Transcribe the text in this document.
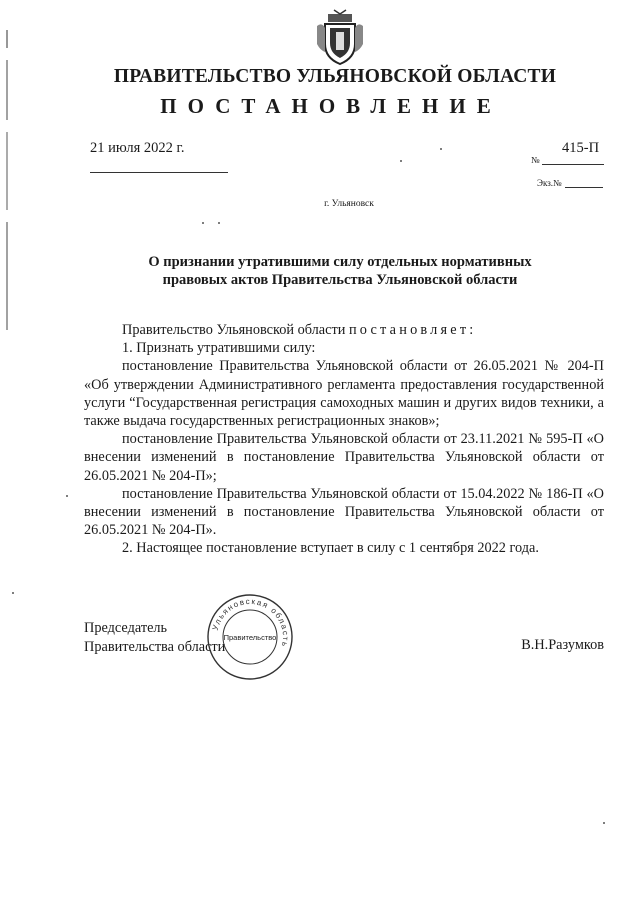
ПРАВИТЕЛЬСТВО УЛЬЯНОВСКОЙ ОБЛАСТИ
ПОСТАНОВЛЕНИЕ
21 июля 2022 г.	415-П
№
Экз.№
г. Ульяновск
О признании утратившими силу отдельных нормативных
правовых актов Правительства Ульяновской области

Правительство Ульяновской области постановляет:

1. Признать утратившими силу:

постановление Правительства Ульяновской области от 26.05.2021 № 204-П «Об утверждении Административного регламента предоставления государственной услуги “Государственная регистрация самоходных машин и других видов техники, а также выдача государственных регистрационных знаков»;

постановление Правительства Ульяновской области от 23.11.2021 № 595-П «О внесении изменений в постановление Правительства Ульяновской области от 26.05.2021 № 204-П»;

постановление Правительства Ульяновской области от 15.04.2022 № 186-П «О внесении изменений в постановление Правительства Ульяновской области от 26.05.2021 № 204-П».

2. Настоящее постановление вступает в силу с 1 сентября 2022 года.

Председатель
Правительства области	В.Н.Разумков
Ульяновская область
Правительство
